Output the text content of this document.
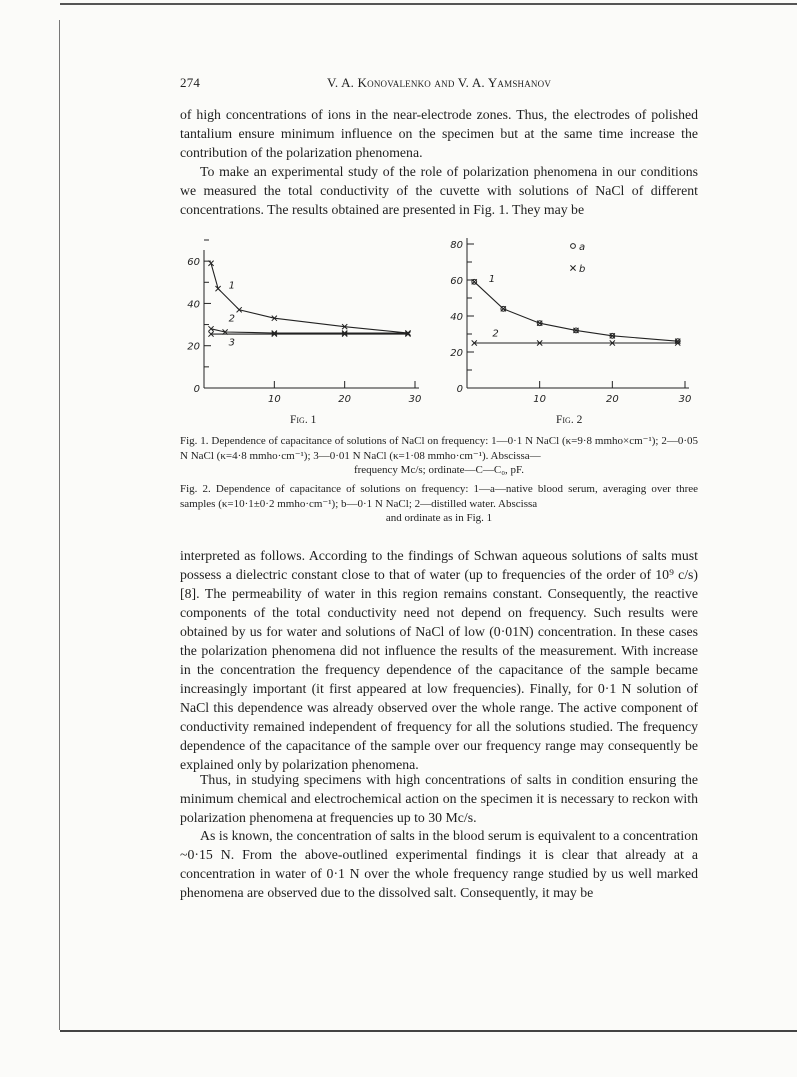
274	V. A. Konovalenko and V. A. Yamshanov

of high concentrations of ions in the near-electrode zones. Thus, the electrodes of polished tantalium ensure minimum influence on the specimen but at the same time increase the contribution of the polarization phenomena.

To make an experimental study of the role of polarization phenomena in our conditions we measured the total conductivity of the cuvette with solutions of NaCl of different concentrations. The results obtained are presented in Fig. 1. They may be

0
20
40
60
10	20	30
1
2
3
0
20
40
60
80
10	20	30
1
2
a
b
Fig. 1	Fig. 2

Fig. 1. Dependence of capacitance of solutions of NaCl on frequency: 1—0·1 N NaCl (κ=9·8 mmho×cm⁻¹); 2—0·05 N NaCl (κ=4·8 mmho·cm⁻¹); 3—0·01 N NaCl (κ=1·08 mmho·cm⁻¹). Abscissa—
frequency Mc/s; ordinate—C—C₀, pF.

Fig. 2. Dependence of capacitance of solutions on frequency: 1—a—native blood serum, averaging over three samples (κ=10·1±0·2 mmho·cm⁻¹); b—0·1 N NaCl; 2—distilled water. Abscissa
and ordinate as in Fig. 1

interpreted as follows. According to the findings of Schwan aqueous solutions of salts must possess a dielectric constant close to that of water (up to frequencies of the order of 10⁹ c/s) [8]. The permeability of water in this region remains constant. Consequently, the reactive components of the total conductivity need not depend on frequency. Such results were obtained by us for water and solutions of NaCl of low (0·01N) concentration. In these cases the polarization phenomena did not influence the results of the measurement. With increase in the concentration the frequency dependence of the capacitance of the sample became increasingly important (it first appeared at low frequencies). Finally, for 0·1 N solution of NaCl this dependence was already observed over the whole range. The active component of conductivity remained independent of frequency for all the solutions studied. The frequency dependence of the capacitance of the sample over our frequency range may consequently be explained only by polarization phenomena.

Thus, in studying specimens with high concentrations of salts in condition ensuring the minimum chemical and electrochemical action on the specimen it is necessary to reckon with polarization phenomena at frequencies up to 30 Mc/s.

As is known, the concentration of salts in the blood serum is equivalent to a concentration ~0·15 N. From the above-outlined experimental findings it is clear that already at a concentration in water of 0·1 N over the whole frequency range studied by us well marked phenomena are observed due to the dissolved salt. Consequently, it may be
